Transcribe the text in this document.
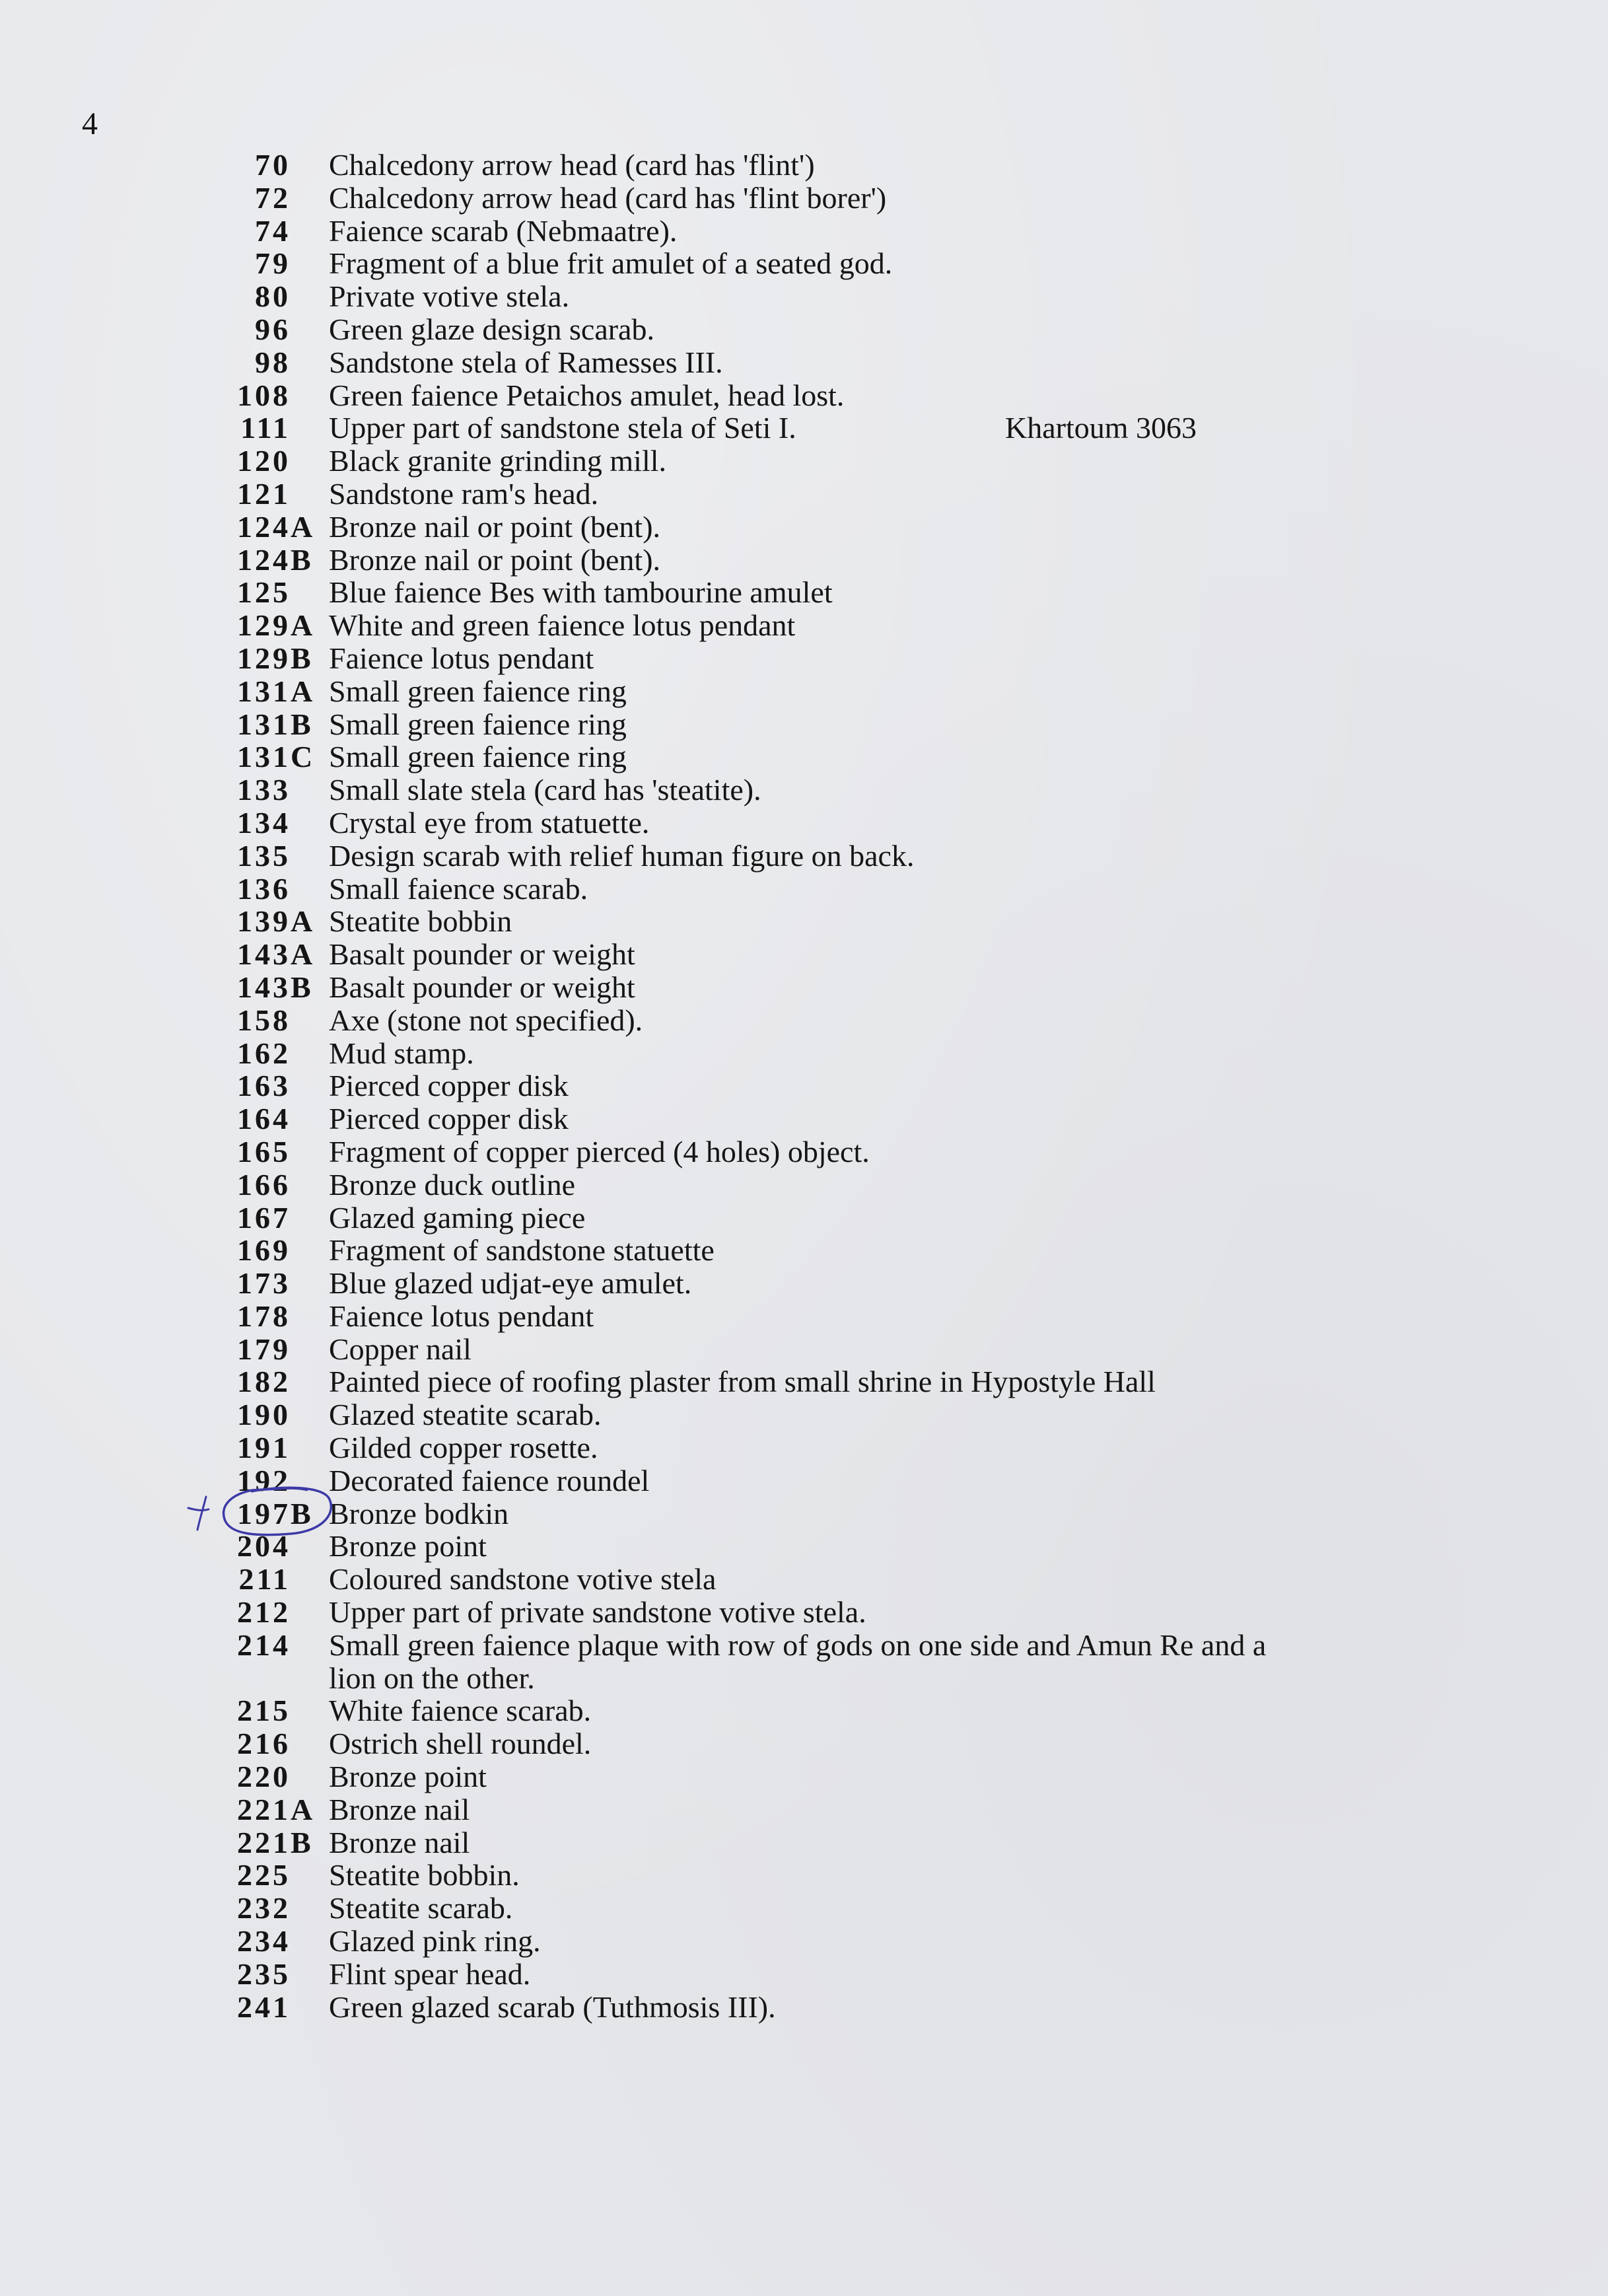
4
70	Chalcedony arrow head (card has 'flint')
72	Chalcedony arrow head (card has 'flint borer')
74	Faience scarab (Nebmaatre).
79	Fragment of a blue frit amulet of a seated god.
80	Private votive stela.
96	Green glaze design scarab.
98	Sandstone stela of Ramesses III.
108	Green faience Petaichos amulet, head lost.
111	Upper part of sandstone stela of Seti I.	Khartoum 3063
120	Black granite grinding mill.
121	Sandstone ram's head.
124A Bronze nail or point (bent).
124B Bronze nail or point (bent).
125	Blue faience Bes with tambourine amulet
129A White and green faience lotus pendant
129B Faience lotus pendant
131A Small green faience ring
131B Small green faience ring
131C Small green faience ring
133	Small slate stela (card has 'steatite).
134	Crystal eye from statuette.
135	Design scarab with relief human figure on back.
136	Small faience scarab.
139A Steatite bobbin
143A Basalt pounder or weight
143B Basalt pounder or weight
158	Axe (stone not specified).
162	Mud stamp.
163	Pierced copper disk
164	Pierced copper disk
165	Fragment of copper pierced (4 holes) object.
166	Bronze duck outline
167	Glazed gaming piece
169	Fragment of sandstone statuette
173	Blue glazed udjat-eye amulet.
178	Faience lotus pendant
179	Copper nail
182	Painted piece of roofing plaster from small shrine in Hypostyle Hall
190	Glazed steatite scarab.
191	Gilded copper rosette.
192	Decorated faience roundel
197B Bronze bodkin
204	Bronze point
211	Coloured sandstone votive stela
212	Upper part of private sandstone votive stela.
214	Small green faience plaque with row of gods on one side and Amun Re and a lion on the other.
215	White faience scarab.
216	Ostrich shell roundel.
220	Bronze point
221A Bronze nail
221B Bronze nail
225	Steatite bobbin.
232	Steatite scarab.
234	Glazed pink ring.
235	Flint spear head.
241	Green glazed scarab (Tuthmosis III).
